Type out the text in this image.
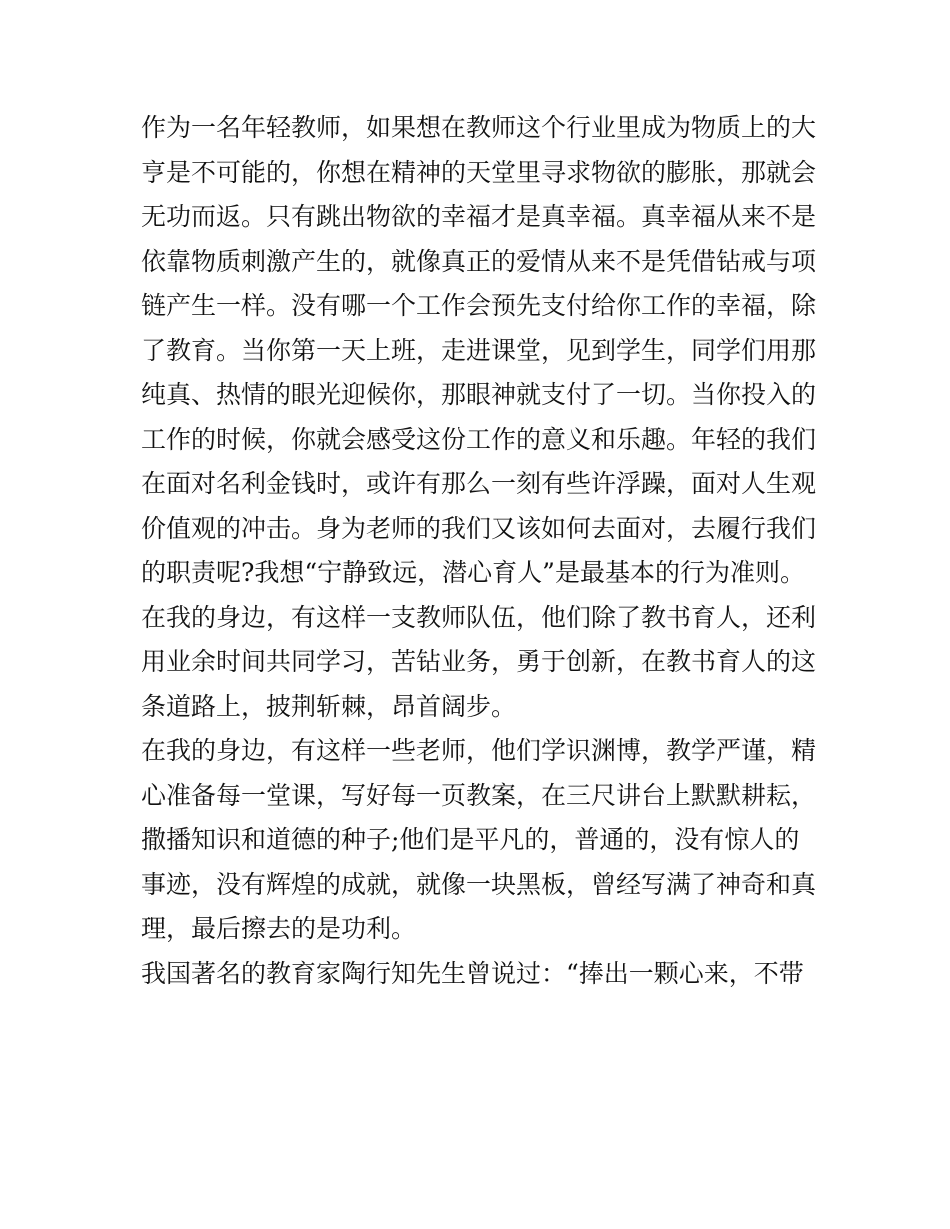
作为一名年轻教师，如果想在教师这个行业里成为物质上的大
亨是不可能的，你想在精神的天堂里寻求物欲的膨胀，那就会
无功而返。只有跳出物欲的幸福才是真幸福。真幸福从来不是
依靠物质刺激产生的，就像真正的爱情从来不是凭借钻戒与项
链产生一样。没有哪一个工作会预先支付给你工作的幸福，除
了教育。当你第一天上班，走进课堂，见到学生，同学们用那
纯真、热情的眼光迎候你，那眼神就支付了一切。当你投入的
工作的时候，你就会感受这份工作的意义和乐趣。年轻的我们
在面对名利金钱时，或许有那么一刻有些许浮躁，面对人生观
价值观的冲击。身为老师的我们又该如何去面对，去履行我们
的职责呢?我想“宁静致远，潜心育人”是最基本的行为准则。
在我的身边，有这样一支教师队伍，他们除了教书育人，还利
用业余时间共同学习，苦钻业务，勇于创新，在教书育人的这
条道路上，披荆斩棘，昂首阔步。
在我的身边，有这样一些老师，他们学识渊博，教学严谨，精
心准备每一堂课，写好每一页教案，在三尺讲台上默默耕耘，
撒播知识和道德的种子;他们是平凡的，普通的，没有惊人的
事迹，没有辉煌的成就，就像一块黑板，曾经写满了神奇和真
理，最后擦去的是功利。
我国著名的教育家陶行知先生曾说过：“捧出一颗心来，不带
